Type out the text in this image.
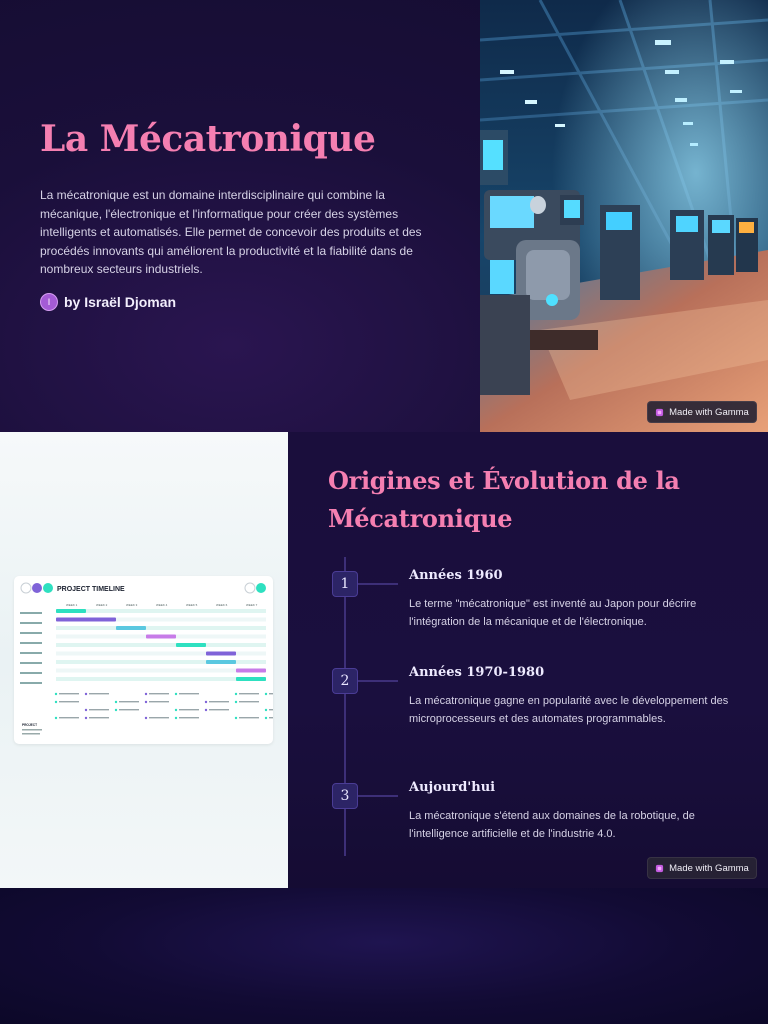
La Mécatronique

La mécatronique est un domaine interdisciplinaire qui combine la mécanique, l'électronique et l'informatique pour créer des systèmes intelligents et automatisés. Elle permet de concevoir des produits et des procédés innovants qui améliorent la productivité et la fiabilité dans de nombreux secteurs industriels.

I by Israël Djoman
Made with Gamma
PROJECT TIMELINE
WEEK 1	WEEK 2	WEEK 3	WEEK 4	WEEK 5	WEEK 6	WEEK 7
PROJECT
Origines et Évolution de la Mécatronique
1
Années 1960
Le terme "mécatronique" est inventé au Japon pour décrire l'intégration de la mécanique et de l'électronique.
2
Années 1970-1980
La mécatronique gagne en popularité avec le développement des microprocesseurs et des automates programmables.
3
Aujourd'hui
La mécatronique s'étend aux domaines de la robotique, de l'intelligence artificielle et de l'industrie 4.0.
Made with Gamma
